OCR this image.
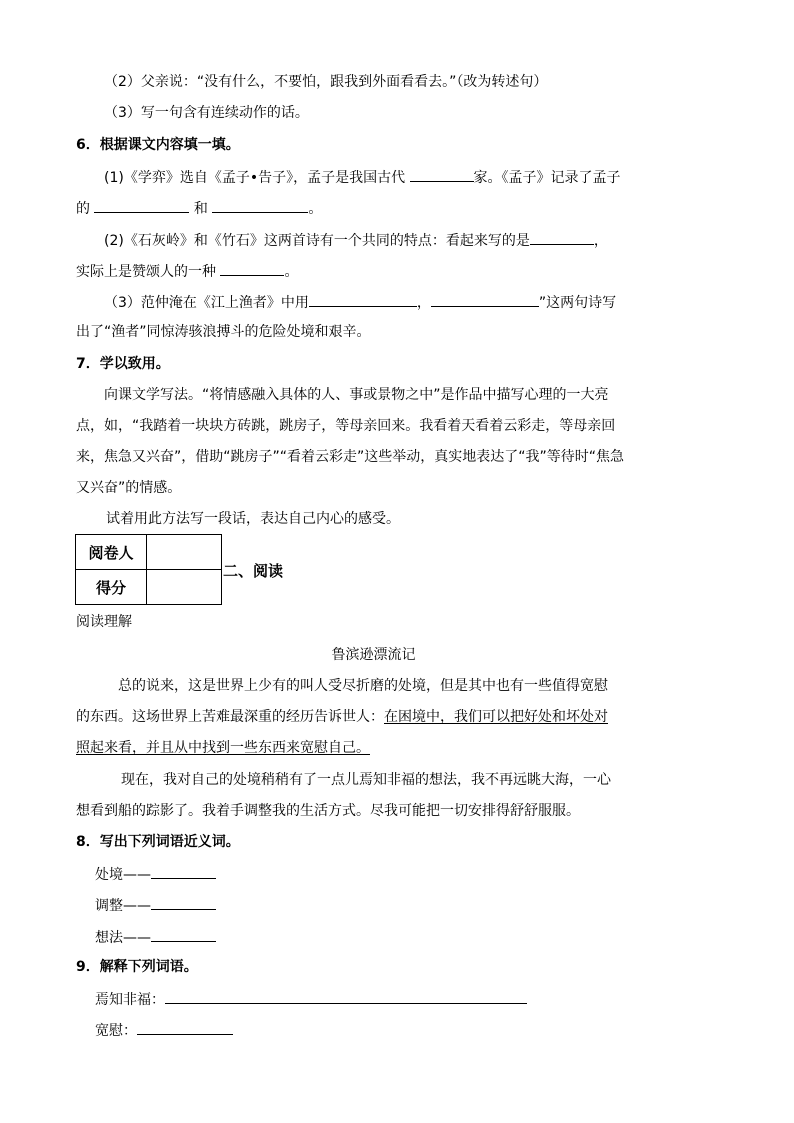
（2）父亲说：“没有什么，不要怕，跟我到外面看看去。”（改为转述句）
（3）写一句含有连续动作的话。
6．根据课文内容填一填。
(1)《学弈》选自《孟子•告子》，孟子是我国古代	家。《孟子》记录了孟子
的	和	。
(2)《石灰岭》和《竹石》这两首诗有一个共同的特点：看起来写的是	，
实际上是赞颂人的一种	。
（3）范仲淹在《江上渔者》中用	，	”这两句诗写
出了“渔者”同惊涛骇浪搏斗的危险处境和艰辛。
7．学以致用。
向课文学写法。“将情感融入具体的人、事或景物之中”是作品中描写心理的一大亮
点，如，“我踏着一块块方砖跳，跳房子，等母亲回来。我看着天看着云彩走，等母亲回
来，焦急又兴奋”，借助“跳房子”“看着云彩走”这些举动，真实地表达了“我”等待时“焦急
又兴奋”的情感。
试着用此方法写一段话，表达自己内心的感受。
阅卷人	
得分	
二、阅读
阅读理解
鲁滨逊漂流记
总的说来，这是世界上少有的叫人受尽折磨的处境，但是其中也有一些值得宽慰
的东西。这场世界上苦难最深重的经历告诉世人：在困境中，我们可以把好处和坏处对
照起来看，并且从中找到一些东西来宽慰自己。
现在，我对自己的处境稍稍有了一点儿焉知非福的想法，我不再远眺大海，一心
想看到船的踪影了。我着手调整我的生活方式。尽我可能把一切安排得舒舒服服。
8．写出下列词语近义词。
处境——
调整——
想法——
9．解释下列词语。
焉知非福：
宽慰：
